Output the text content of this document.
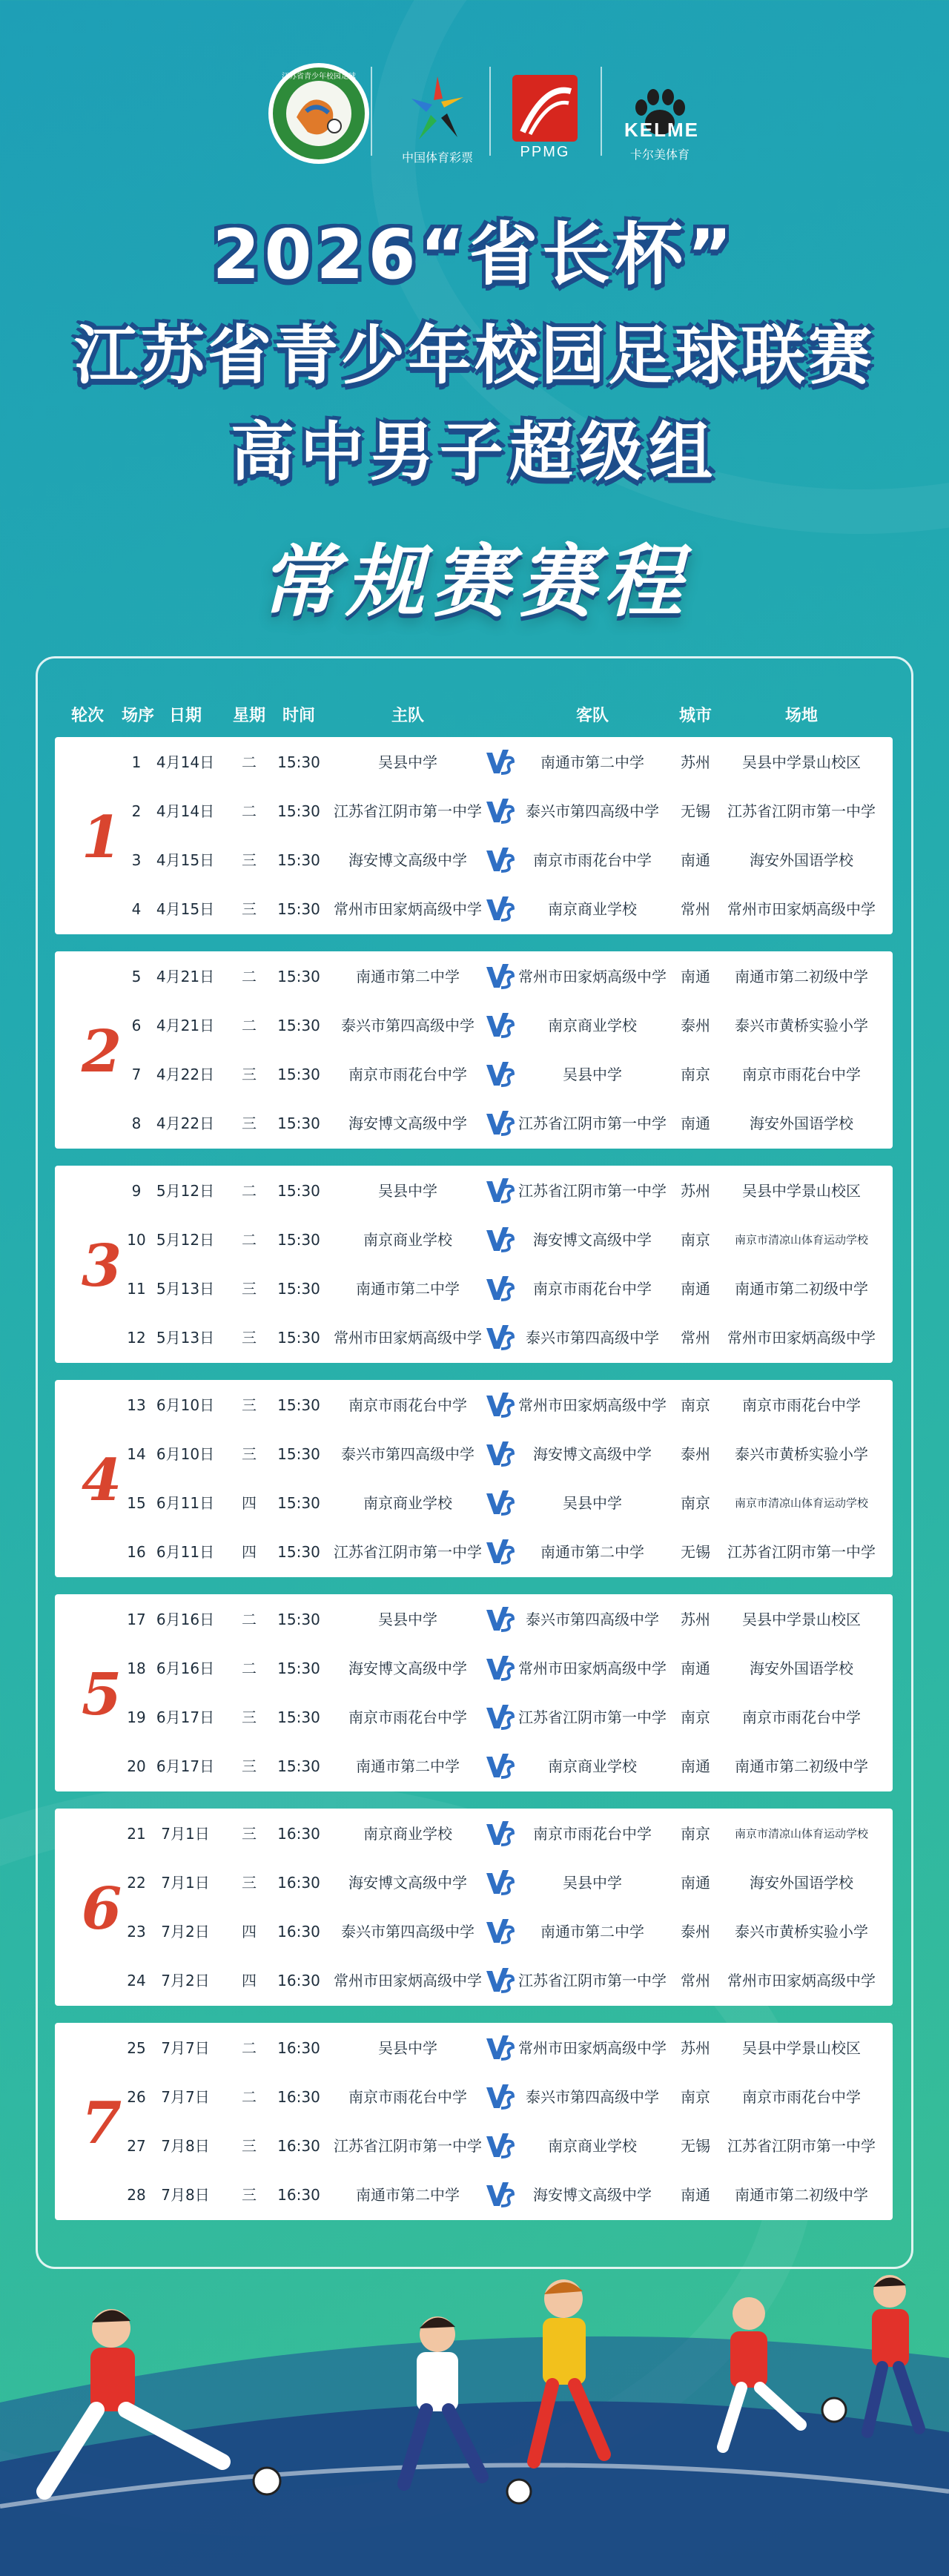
江苏省青少年校园足球
中国体育彩票	PPMG
KELME
卡尔美体育
2026“省长杯”
江苏省青少年校园足球联赛
高中男子超级组
常规赛赛程
轮次 场序 日期 星期 时间	主队	客队	城市	场地
1
1 4月14日 二 15:30	吴县中学	南通市第二中学 苏州 吴县中学景山校区
2 4月14日 二 15:30 江苏省江阴市第一中学	泰兴市第四高级中学 无锡 江苏省江阴市第一中学
3 4月15日 三 15:30 海安博文高级中学	南京市雨花台中学 南通	海安外国语学校
4 4月15日 三 15:30 常州市田家炳高级中学	南京商业学校	常州 常州市田家炳高级中学
2
5 4月21日 二 15:30 南通市第二中学	常州市田家炳高级中学 南通 南通市第二初级中学
6 4月21日 二 15:30 泰兴市第四高级中学	南京商业学校	泰州 泰兴市黄桥实验小学
7 4月22日 三 15:30 南京市雨花台中学	吴县中学	南京 南京市雨花台中学
8 4月22日 三 15:30 海安博文高级中学	江苏省江阴市第一中学 南通	海安外国语学校
3
9 5月12日 二 15:30	吴县中学	江苏省江阴市第一中学 苏州 吴县中学景山校区
10 5月12日 二 15:30	南京商业学校	海安博文高级中学 南京 南京市清凉山体育运动学校
11 5月13日 三 15:30 南通市第二中学	南京市雨花台中学 南通 南通市第二初级中学
12 5月13日 三 15:30 常州市田家炳高级中学	泰兴市第四高级中学 常州 常州市田家炳高级中学
4
13 6月10日 三 15:30 南京市雨花台中学	常州市田家炳高级中学 南京 南京市雨花台中学
14 6月10日 三 15:30 泰兴市第四高级中学	海安博文高级中学 泰州 泰兴市黄桥实验小学
15 6月11日 四 15:30	南京商业学校	吴县中学	南京 南京市清凉山体育运动学校
16 6月11日 四 15:30 江苏省江阴市第一中学	南通市第二中学 无锡 江苏省江阴市第一中学
5
17 6月16日 二 15:30	吴县中学	泰兴市第四高级中学 苏州 吴县中学景山校区
18 6月16日 二 15:30 海安博文高级中学	常州市田家炳高级中学 南通	海安外国语学校
19 6月17日 三 15:30 南京市雨花台中学	江苏省江阴市第一中学 南京 南京市雨花台中学
20 6月17日 三 15:30 南通市第二中学	南京商业学校	南通 南通市第二初级中学
6
21 7月1日 三 16:30	南京商业学校	南京市雨花台中学 南京 南京市清凉山体育运动学校
22 7月1日 三 16:30 海安博文高级中学	吴县中学	南通	海安外国语学校
23 7月2日 四 16:30 泰兴市第四高级中学	南通市第二中学 泰州 泰兴市黄桥实验小学
24 7月2日 四 16:30 常州市田家炳高级中学 江苏省江阴市第一中学 常州 常州市田家炳高级中学
7
25 7月7日 二 16:30	吴县中学	常州市田家炳高级中学 苏州 吴县中学景山校区
26 7月7日 二 16:30 南京市雨花台中学	泰兴市第四高级中学 南京 南京市雨花台中学
27 7月8日 三 16:30 江苏省江阴市第一中学	南京商业学校	无锡 江苏省江阴市第一中学
28 7月8日 三 16:30 南通市第二中学	海安博文高级中学 南通 南通市第二初级中学
